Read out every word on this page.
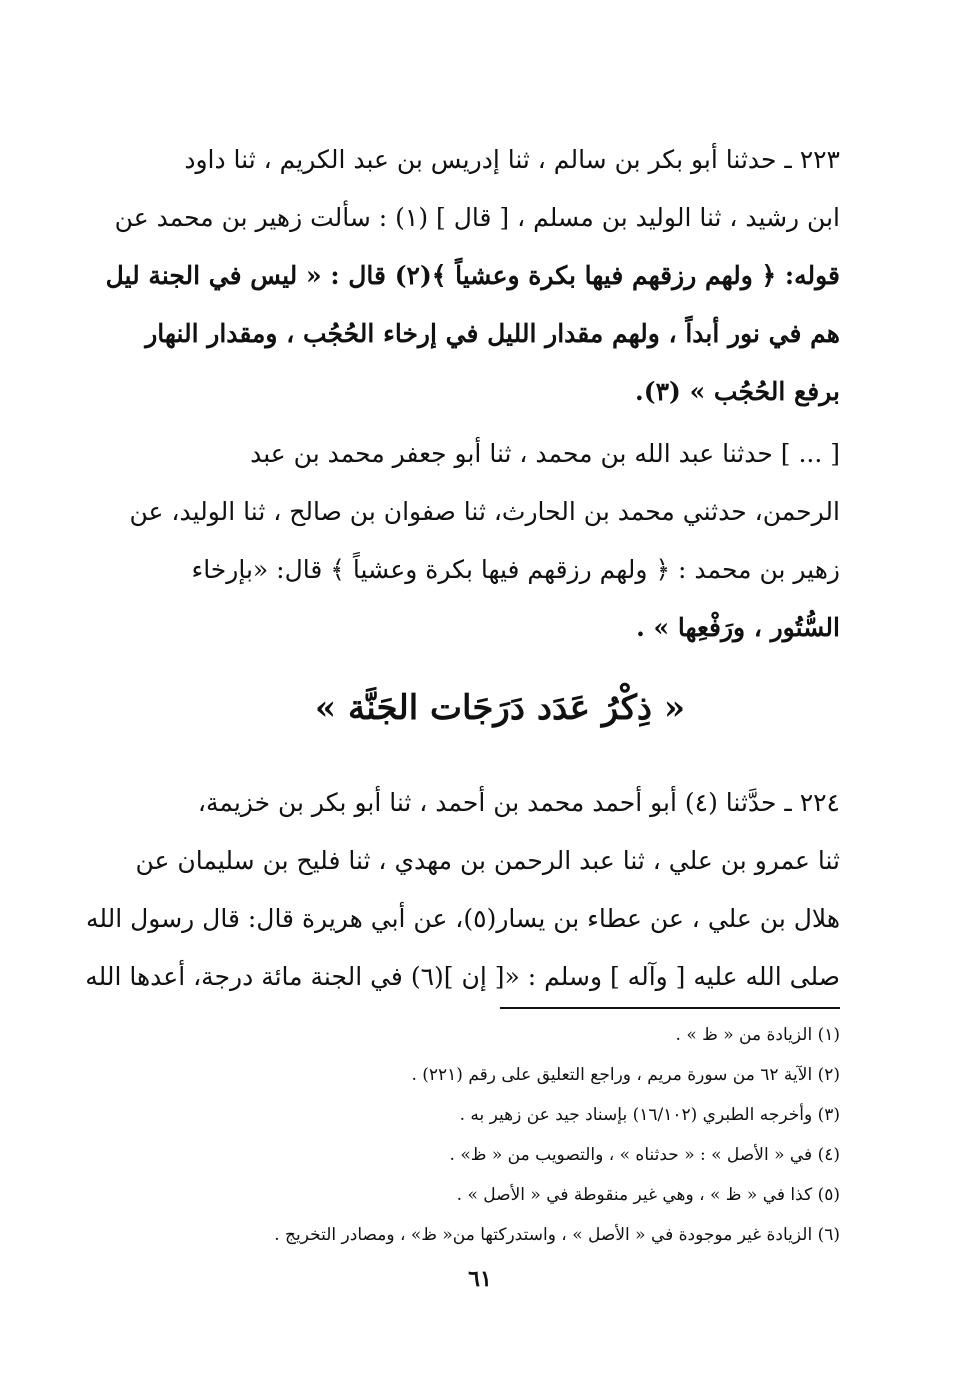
٢٢٣ ـ حدثنا أبو بكر بن سالم ، ثنا إدريس بن عبد الكريم ، ثنا داود
ابن رشيد ، ثنا الوليد بن مسلم ، [ قال ] (١) : سألت زهير بن محمد عن
قوله: ﴿ ولهم رزقهم فيها بكرة وعشياً ﴾(٢) قال : « ليس في الجنة ليل
هم في نور أبداً ، ولهم مقدار الليل في إرخاء الحُجُب ، ومقدار النهار
برفع الحُجُب » (٣).
[ ... ] حدثنا عبد الله بن محمد ، ثنا أبو جعفر محمد بن عبد
الرحمن، حدثني محمد بن الحارث، ثنا صفوان بن صالح ، ثنا الوليد، عن
زهير بن محمد : ﴿ ولهم رزقهم فيها بكرة وعشياً ﴾ قال: «بإرخاء
السُّتُور ، ورَفْعِها » .
« ذِكْرُ عَدَد دَرَجَات الجَنَّة »
٢٢٤ ـ حدَّثنا (٤) أبو أحمد محمد بن أحمد ، ثنا أبو بكر بن خزيمة،
ثنا عمرو بن علي ، ثنا عبد الرحمن بن مهدي ، ثنا فليح بن سليمان عن
هلال بن علي ، عن عطاء بن يسار(٥)، عن أبي هريرة قال: قال رسول الله
صلى الله عليه [ وآله ] وسلم : «[ إن ](٦) في الجنة مائة درجة، أعدها الله
(١) الزيادة من « ظ » .
(٢) الآية ٦٢ من سورة مريم ، وراجع التعليق على رقم (٢٢١) .
(٣) وأخرجه الطبري (١٦/١٠٢) بإسناد جيد عن زهير به .
(٤) في « الأصل » : « حدثناه » ، والتصويب من « ظ» .
(٥) كذا في « ظ » ، وهي غير منقوطة في « الأصل » .
(٦) الزيادة غير موجودة في « الأصل » ، واستدركتها من« ظ» ، ومصادر التخريج .
٦١
